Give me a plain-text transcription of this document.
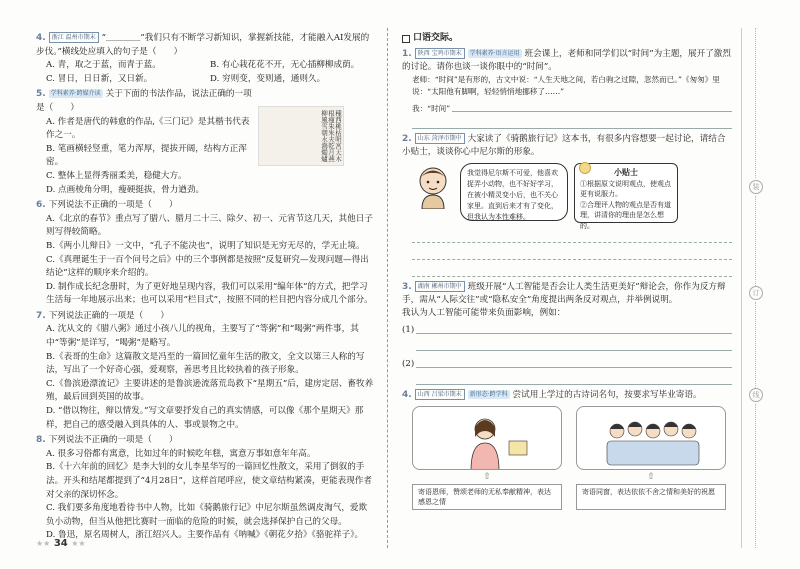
4. 浙江 温州市期末 “＿＿＿＿”我们只有不断学习新知识，掌握新技能，才能融入AI发展的步伐。”横线处应填入的句子是（　　）
A. 青，取之于蓝，而青于蓝。	B. 有心栽花花不开，无心插柳柳成荫。
C. 冒日，日日新，又日新。	D. 穷则变，变则通，通则久。
5. 学科素养·跨媒介读 关于下面的书法作品，说法正确的一项是（　　）
A. 作者是唐代的韩愈的作品,《三门记》是其楷书代表作之一。
B. 笔画横轻竖重，笔力浑厚，提拔开阔，结构方正浑密。
C. 整体上显得秀丽柔美，稳健大方。
D. 点画棱角分明，瘦硬挺拔，骨力遒劲。
6. 下列说法不正确的一项是（　　）
A.《北京的春节》重点写了腊八、腊月二十三、除夕、初一、元宵节这几天，其他日子则写得较简略。
B.《两小儿辩日》一文中，“孔子不能决也”，说明了知识是无穷无尽的，学无止境。
C.《真理诞生于一百个问号之后》中的三个事例都是按照“反复研究—发现问题—得出结论”这样的顺序来介绍的。
D. 制作成长纪念册时，为了更好地呈现内容，我们可以采用“编年体”的方式，把学习生活每一年地展示出来；也可以采用“栏目式”，按照不同的栏目把内容分成几个部分。
7. 下列说法正确的一项是（　　）
A. 沈从文的《腊八粥》通过小孩八儿的视角，主要写了“等粥”和“喝粥”两件事，其中“等粥”是详写，“喝粥”是略写。
B.《表哥的生命》这篇散文是冯至的一篇回忆童年生活的散文，全文以第三人称的写法，写出了一个好奇心强，爱观察，善思考且比较执着的孩子形象。
C.《鲁滨逊漂流记》主要讲述的是鲁滨逊流落荒岛救下“星期五”后，建房定居、畜牧养殖，最后回到英国的故事。
D. “借以物往，辩以情发。”写文章要抒发自己的真实情感，可以像《那个星期天》那样，把自己的感受融入到具体的人、事或景物之中。
8. 下列说法不正确的一项是（　　）
A. 很多习俗都有寓意，比如过年的时候吃年糕，寓意万事如意年年高。
B.《十六年前的回忆》是李大钊的女儿李星华写的一篇回忆性散文，采用了倒叙的手法。开头和结尾都提到了“4月28日”，这样首尾呼应，使文章结构紧凑，更能表现作者对父亲的深切怀念。
C. 我们要多角度地看待书中人物，比如《骑鹅旅行记》中尼尔斯虽然调皮淘气，爱欺负小动物，但当从他把比赛时一面临的危险的时候，就会选择保护自己的父母。
D. 鲁迅，原名周树人，浙江绍兴人。主要作品有《呐喊》《朝花夕拾》《骆驼祥子》。
種西桃枯明宮天木根瘦朱朱夫乾月燕柳風雪朝水鴻燭爐
★★ 34 ★★
口语交际。
1. 陕西 宝鸡市期末 学科素养·语言运用 班会课上，老师和同学们以“时间”为主题，展开了激烈的讨论。请你也谈一谈你眼中的“时间”。
老师：“时间”是有形的，古文中说：“人生天地之间，若白驹之过隙，忽然而已。”《匆匆》里说：“太阳他有脚啊，轻轻悄悄地挪移了……”
我：“时间”
2. 山东 菏泽市期中 大家读了《骑鹅旅行记》这本书，有很多内容想要一起讨论，请结合小贴士，谈谈你心中尼尔斯的形象。
我觉得尼尔斯不可爱，他喜欢捉弄小动物，也不好好学习，在被小精灵变小后，也不关心家里。直到后来才有了变化，但我认为本性难移。
小贴士
①根据原文说明观点，使观点更有说服力。
②合理评人物的观点是否有道理，讲清你的理由是怎么想的。
3. 湖南 郴州市期中 班级开展“人工智能是否会让人类生活更美好”辩论会，你作为反方辩手，需从“人际交往”或“隐私安全”角度提出两条反对观点，并举例说明。
我认为人工智能可能带来负面影响，例如：
(1)
(2)
4. 山西 吕梁市期末 新形态·跨学科 尝试用上学过的古诗词名句，按要求写毕业寄语。
⇧	⇧
寄语恩师，赞颂老师的无私奉献精神，表达感恩之情
寄语同窗，表达依依不舍之情和美好的祝愿
装
订
线
